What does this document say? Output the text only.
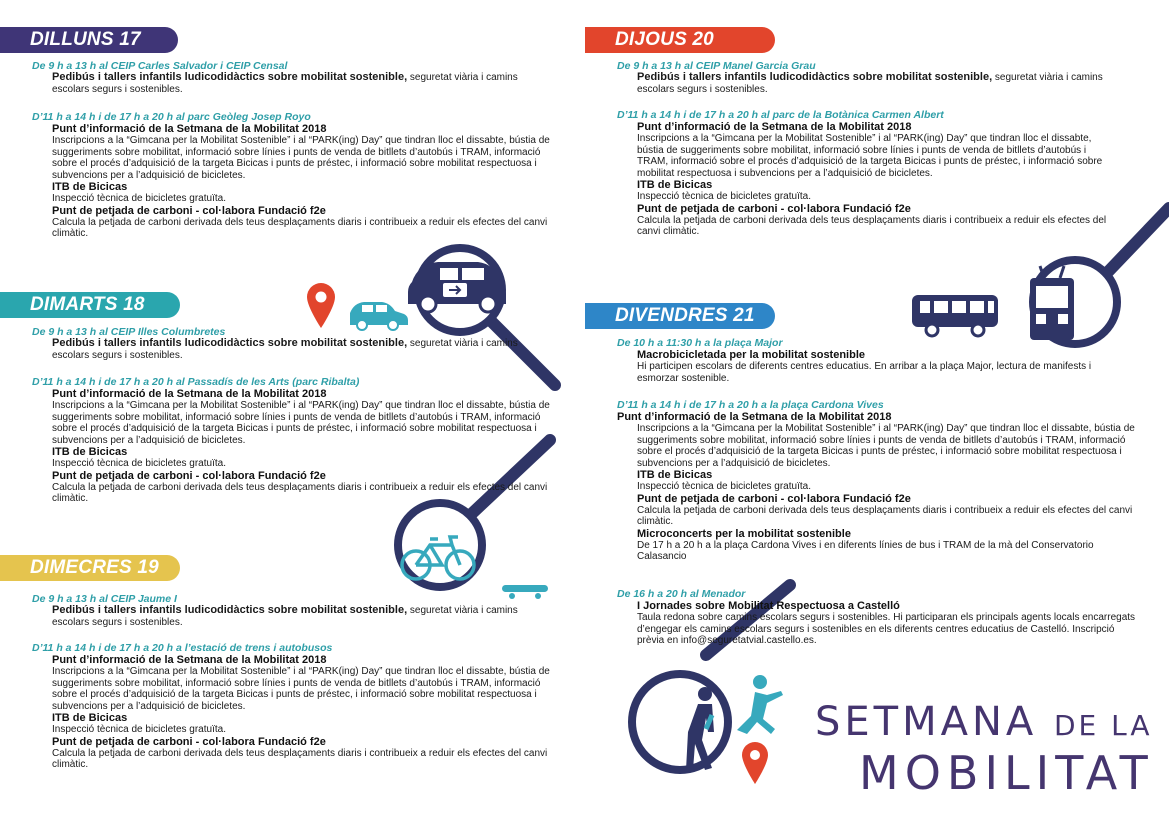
DILLUNS 17
De 9 h a 13 h al CEIP Carles Salvador i CEIP Censal
Pedibús i tallers infantils ludicodidàctics sobre mobilitat sostenible, seguretat viària i camins escolars segurs i sostenibles.
D’11 h a 14 h i de 17 h a 20 h al parc Geòleg Josep Royo
Punt d’informació de la Setmana de la Mobilitat 2018
Inscripcions a la “Gimcana per la Mobilitat Sostenible” i al “PARK(ing) Day” que tindran lloc el dissabte, bústia de suggeriments sobre mobilitat, informació sobre línies i punts de venda de bitllets d’autobús i TRAM, informació sobre el procés d’adquisició de la targeta Bicicas i punts de préstec, i informació sobre mobilitat respectuosa i subvencions per a l’adquisició de bicicletes.
ITB de Bicicas
Inspecció tècnica de bicicletes gratuïta.
Punt de petjada de carboni - col·labora Fundació f2e
Calcula la petjada de carboni derivada dels teus desplaçaments diaris i contribueix a reduir els efectes del canvi climàtic.
DIMARTS 18
De 9 h a 13 h al CEIP Illes Columbretes
Pedibús i tallers infantils ludicodidàctics sobre mobilitat sostenible, seguretat viària i camins escolars segurs i sostenibles.
D’11 h a 14 h i de 17 h a 20 h al Passadís de les Arts (parc Ribalta)
Punt d’informació de la Setmana de la Mobilitat 2018
Inscripcions a la “Gimcana per la Mobilitat Sostenible” i al “PARK(ing) Day” que tindran lloc el dissabte, bústia de suggeriments sobre mobilitat, informació sobre línies i punts de venda de bitllets d’autobús i TRAM, informació sobre el procés d’adquisició de la targeta Bicicas i punts de préstec, i informació sobre mobilitat respectuosa i subvencions per a l’adquisició de bicicletes.
ITB de Bicicas
Inspecció tècnica de bicicletes gratuïta.
Punt de petjada de carboni - col·labora Fundació f2e
Calcula la petjada de carboni derivada dels teus desplaçaments diaris i contribueix a reduir els efectes del canvi climàtic.
DIMECRES 19
De 9 h a 13 h al CEIP Jaume I
Pedibús i tallers infantils ludicodidàctics sobre mobilitat sostenible, seguretat viària i camins escolars segurs i sostenibles.
D’11 h a 14 h i de 17 h a 20 h a l’estació de trens i autobusos
Punt d’informació de la Setmana de la Mobilitat 2018
Inscripcions a la “Gimcana per la Mobilitat Sostenible” i al “PARK(ing) Day” que tindran lloc el dissabte, bústia de suggeriments sobre mobilitat, informació sobre línies i punts de venda de bitllets d’autobús i TRAM, informació sobre el procés d’adquisició de la targeta Bicicas i punts de préstec, i informació sobre mobilitat respectuosa i subvencions per a l’adquisició de bicicletes.
ITB de Bicicas
Inspecció tècnica de bicicletes gratuïta.
Punt de petjada de carboni - col·labora Fundació f2e
Calcula la petjada de carboni derivada dels teus desplaçaments diaris i contribueix a reduir els efectes del canvi climàtic.
DIJOUS 20
De 9 h a 13 h al CEIP Manel Garcia Grau
Pedibús i tallers infantils ludicodidàctics sobre mobilitat sostenible, seguretat viària i camins escolars segurs i sostenibles.
D’11 h a 14 h i de 17 h a 20 h al parc de la Botànica Carmen Albert
Punt d’informació de la Setmana de la Mobilitat 2018
Inscripcions a la “Gimcana per la Mobilitat Sostenible” i al “PARK(ing) Day” que tindran lloc el dissabte, bústia de suggeriments sobre mobilitat, informació sobre línies i punts de venda de bitllets d’autobús i TRAM, informació sobre el procés d’adquisició de la targeta Bicicas i punts de préstec, i informació sobre mobilitat respectuosa i subvencions per a l’adquisició de bicicletes.
ITB de Bicicas
Inspecció tècnica de bicicletes gratuïta.
Punt de petjada de carboni - col·labora Fundació f2e
Calcula la petjada de carboni derivada dels teus desplaçaments diaris i contribueix a reduir els efectes del canvi climàtic.
DIVENDRES 21
De 10 h a 11:30 h a la plaça Major
Macrobicicletada per la mobilitat sostenible
Hi participen escolars de diferents centres educatius. En arribar a la plaça Major, lectura de manifests i esmorzar sostenible.
D’11 h a 14 h i de 17 h a 20 h a la plaça Cardona Vives
Punt d’informació de la Setmana de la Mobilitat 2018
Inscripcions a la “Gimcana per la Mobilitat Sostenible” i al “PARK(ing) Day” que tindran lloc el dissabte, bústia de suggeriments sobre mobilitat, informació sobre línies i punts de venda de bitllets d’autobús i TRAM, informació sobre el procés d’adquisició de la targeta Bicicas i punts de préstec, i informació sobre mobilitat respectuosa i subvencions per a l’adquisició de bicicletes.
ITB de Bicicas
Inspecció tècnica de bicicletes gratuïta.
Punt de petjada de carboni - col·labora Fundació f2e
Calcula la petjada de carboni derivada dels teus desplaçaments diaris i contribueix a reduir els efectes del canvi climàtic.
Microconcerts per la mobilitat sostenible
De 17 h a 20 h a la plaça Cardona Vives i en diferents línies de bus i TRAM de la mà del Conservatorio Calasancio
De 16 h a 20 h al Menador
I Jornades sobre Mobilitat Respectuosa a Castelló
Taula redona sobre camins escolars segurs i sostenibles. Hi participaran els principals agents locals encarregats d’engegar els camins escolars segurs i sostenibles en els diferents centres educatius de Castelló. Inscripció prèvia en info@seguretatvial.castello.es.
SETMANA DE LA
MOBILITAT
